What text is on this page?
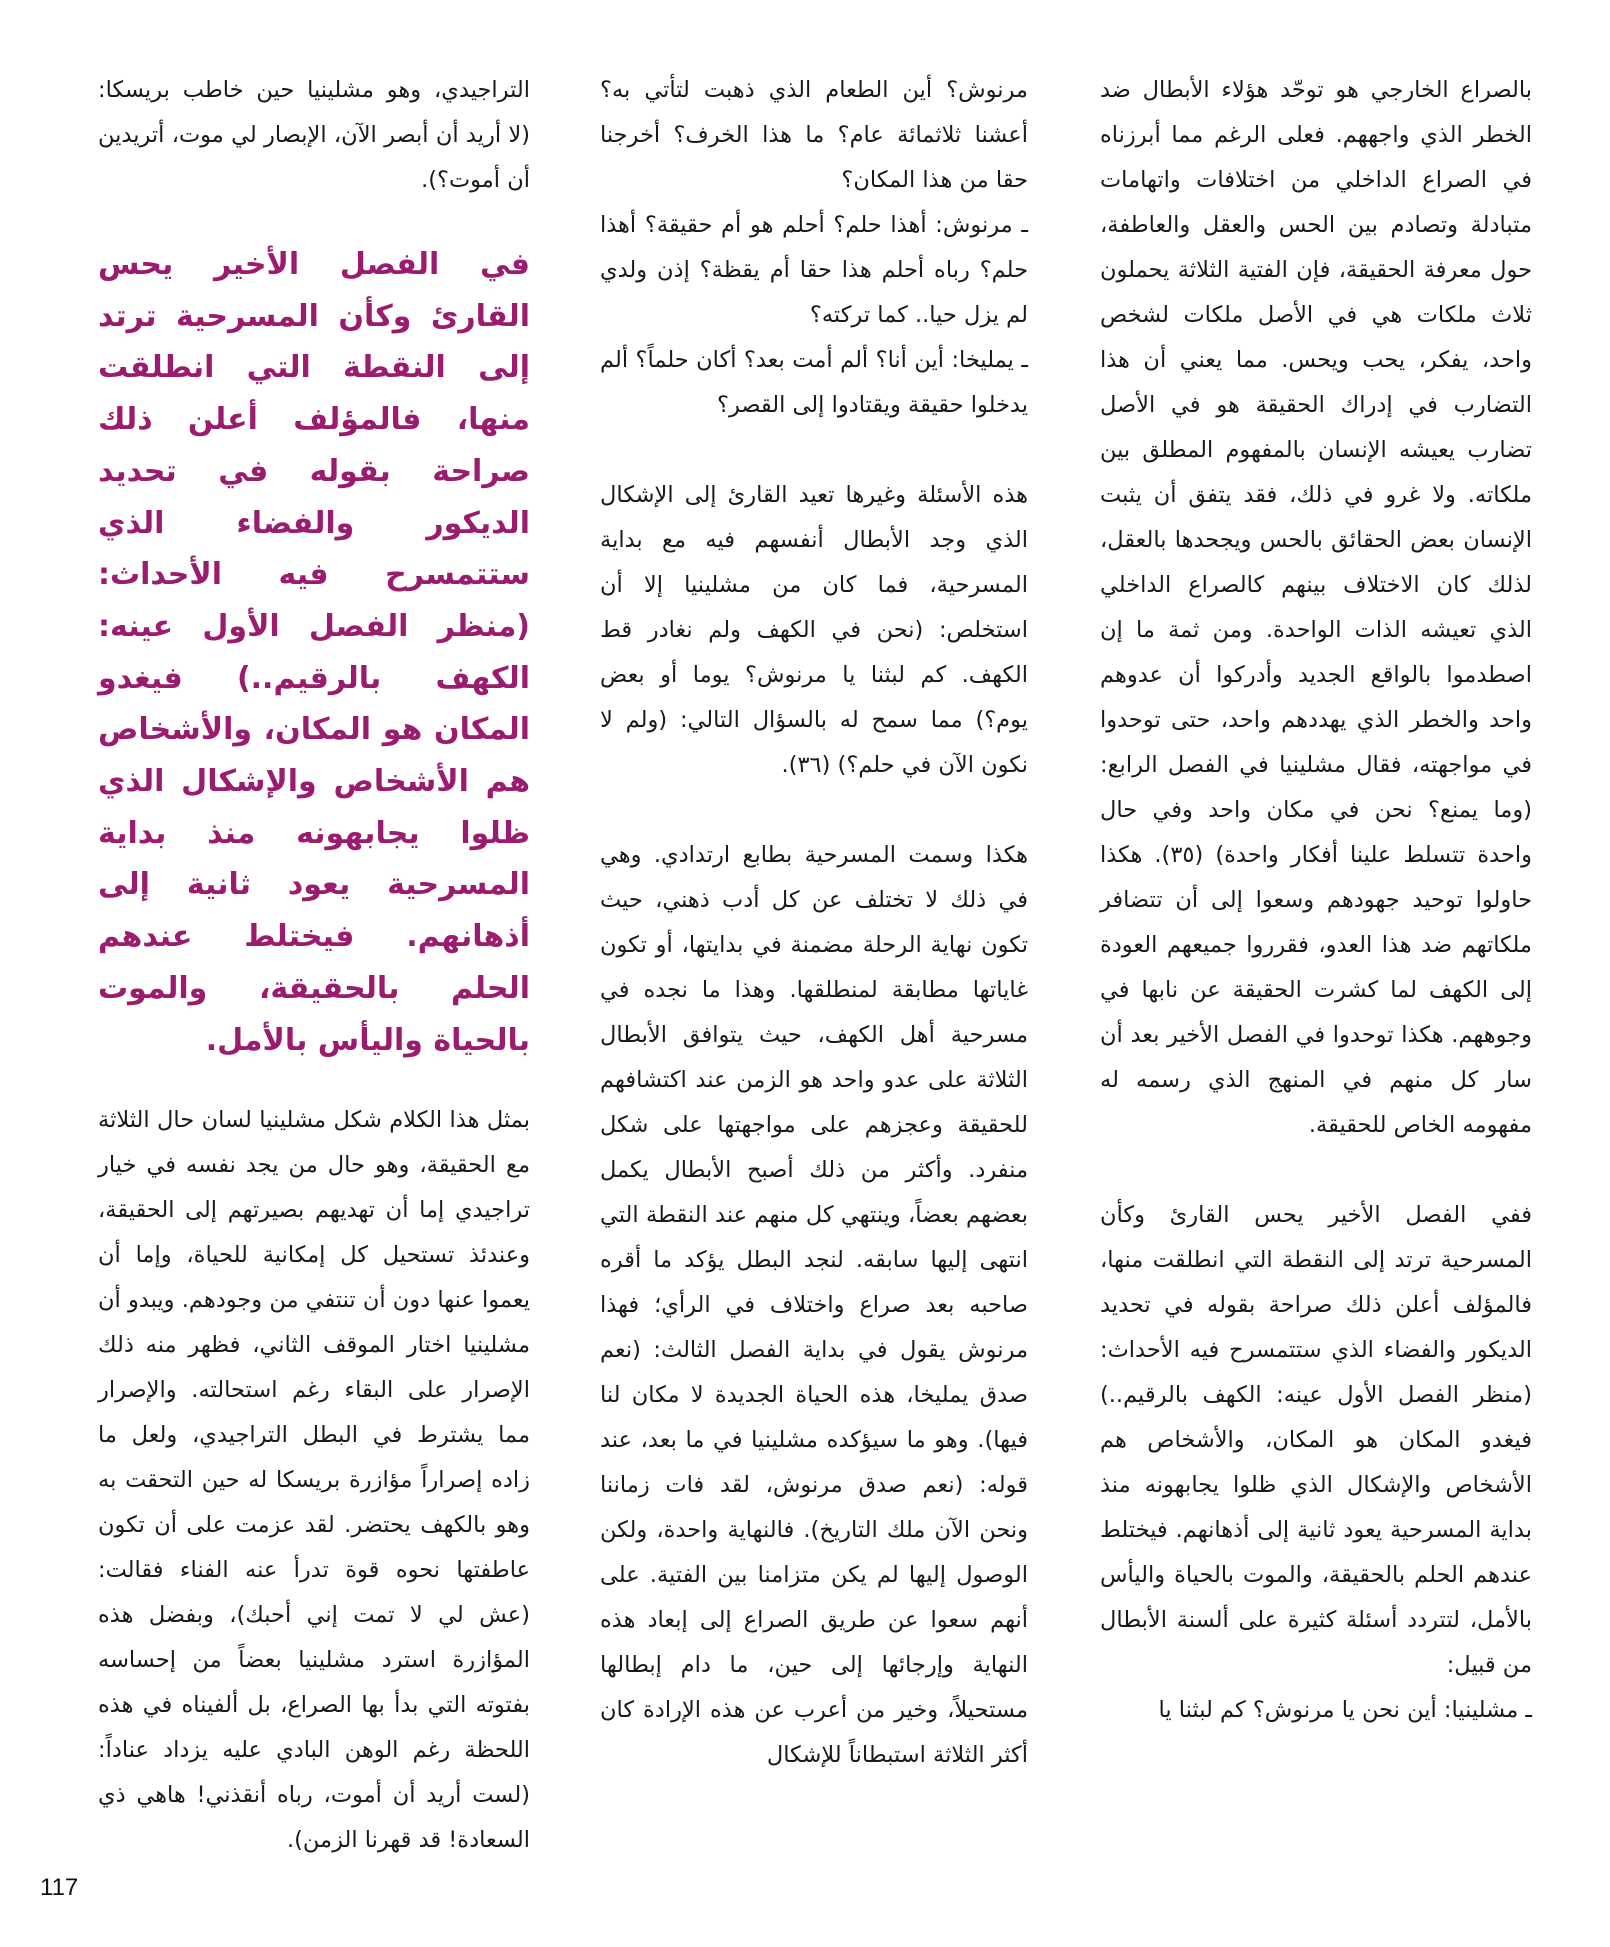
بالصراع الخارجي هو توحّد هؤلاء الأبطال ضد الخطر الذي واجههم. فعلى الرغم مما أبرزناه في الصراع الداخلي من اختلافات واتهامات متبادلة وتصادم بين الحس والعقل والعاطفة، حول معرفة الحقيقة، فإن الفتية الثلاثة يحملون ثلاث ملكات هي في الأصل ملكات لشخص واحد، يفكر، يحب ويحس. مما يعني أن هذا التضارب في إدراك الحقيقة هو في الأصل تضارب يعيشه الإنسان بالمفهوم المطلق بين ملكاته. ولا غرو في ذلك، فقد يتفق أن يثبت الإنسان بعض الحقائق بالحس ويجحدها بالعقل، لذلك كان الاختلاف بينهم كالصراع الداخلي الذي تعيشه الذات الواحدة. ومن ثمة ما إن اصطدموا بالواقع الجديد وأدركوا أن عدوهم واحد والخطر الذي يهددهم واحد، حتى توحدوا في مواجهته، فقال مشلينيا في الفصل الرابع: (وما يمنع؟ نحن في مكان واحد وفي حال واحدة تتسلط علينا أفكار واحدة) (٣٥). هكذا حاولوا توحيد جهودهم وسعوا إلى أن تتضافر ملكاتهم ضد هذا العدو، فقرروا جميعهم العودة إلى الكهف لما كشرت الحقيقة عن نابها في وجوههم. هكذا توحدوا في الفصل الأخير بعد أن سار كل منهم في المنهج الذي رسمه له مفهومه الخاص للحقيقة.

ففي الفصل الأخير يحس القارئ وكأن المسرحية ترتد إلى النقطة التي انطلقت منها، فالمؤلف أعلن ذلك صراحة بقوله في تحديد الديكور والفضاء الذي ستتمسرح فيه الأحداث: (منظر الفصل الأول عينه: الكهف بالرقيم..) فيغدو المكان هو المكان، والأشخاص هم الأشخاص والإشكال الذي ظلوا يجابهونه منذ بداية المسرحية يعود ثانية إلى أذهانهم. فيختلط عندهم الحلم بالحقيقة، والموت بالحياة واليأس بالأمل، لتتردد أسئلة كثيرة على ألسنة الأبطال من قبيل:

ـ مشلينيا: أين نحن يا مرنوش؟ كم لبثنا يا

مرنوش؟ أين الطعام الذي ذهبت لتأتي به؟ أعشنا ثلاثمائة عام؟ ما هذا الخرف؟ أخرجنا حقا من هذا المكان؟

ـ مرنوش: أهذا حلم؟ أحلم هو أم حقيقة؟ أهذا حلم؟ رباه أحلم هذا حقا أم يقظة؟ إذن ولدي لم يزل حيا.. كما تركته؟

ـ يمليخا: أين أنا؟ ألم أمت بعد؟ أكان حلماً؟ ألم يدخلوا حقيقة ويقتادوا إلى القصر؟

هذه الأسئلة وغيرها تعيد القارئ إلى الإشكال الذي وجد الأبطال أنفسهم فيه مع بداية المسرحية، فما كان من مشلينيا إلا أن استخلص: (نحن في الكهف ولم نغادر قط الكهف. كم لبثنا يا مرنوش؟ يوما أو بعض يوم؟) مما سمح له بالسؤال التالي: (ولم لا نكون الآن في حلم؟) (٣٦).

هكذا وسمت المسرحية بطابع ارتدادي. وهي في ذلك لا تختلف عن كل أدب ذهني، حيث تكون نهاية الرحلة مضمنة في بدايتها، أو تكون غاياتها مطابقة لمنطلقها. وهذا ما نجده في مسرحية أهل الكهف، حيث يتوافق الأبطال الثلاثة على عدو واحد هو الزمن عند اكتشافهم للحقيقة وعجزهم على مواجهتها على شكل منفرد. وأكثر من ذلك أصبح الأبطال يكمل بعضهم بعضاً، وينتهي كل منهم عند النقطة التي انتهى إليها سابقه. لنجد البطل يؤكد ما أقره صاحبه بعد صراع واختلاف في الرأي؛ فهذا مرنوش يقول في بداية الفصل الثالث: (نعم صدق يمليخا، هذه الحياة الجديدة لا مكان لنا فيها). وهو ما سيؤكده مشلينيا في ما بعد، عند قوله: (نعم صدق مرنوش، لقد فات زماننا ونحن الآن ملك التاريخ). فالنهاية واحدة، ولكن الوصول إليها لم يكن متزامنا بين الفتية. على أنهم سعوا عن طريق الصراع إلى إبعاد هذه النهاية وإرجائها إلى حين، ما دام إبطالها مستحيلاً، وخير من أعرب عن هذه الإرادة كان أكثر الثلاثة استبطاناً للإشكال

التراجيدي، وهو مشلينيا حين خاطب بريسكا: (لا أريد أن أبصر الآن، الإبصار لي موت، أتريدين أن أموت؟).

في الفصل الأخير يحس القارئ وكأن المسرحية ترتد إلى النقطة التي انطلقت منها، فالمؤلف أعلن ذلك صراحة بقوله في تحديد الديكور والفضاء الذي ستتمسرح فيه الأحداث: (منظر الفصل الأول عينه: الكهف بالرقيم..) فيغدو المكان هو المكان، والأشخاص هم الأشخاص والإشكال الذي ظلوا يجابهونه منذ بداية المسرحية يعود ثانية إلى أذهانهم. فيختلط عندهم الحلم بالحقيقة، والموت بالحياة واليأس بالأمل.

بمثل هذا الكلام شكل مشلينيا لسان حال الثلاثة مع الحقيقة، وهو حال من يجد نفسه في خيار تراجيدي إما أن تهديهم بصيرتهم إلى الحقيقة، وعندئذ تستحيل كل إمكانية للحياة، وإما أن يعموا عنها دون أن تنتفي من وجودهم. ويبدو أن مشلينيا اختار الموقف الثاني، فظهر منه ذلك الإصرار على البقاء رغم استحالته. والإصرار مما يشترط في البطل التراجيدي، ولعل ما زاده إصراراً مؤازرة بريسكا له حين التحقت به وهو بالكهف يحتضر. لقد عزمت على أن تكون عاطفتها نحوه قوة تدرأ عنه الفناء فقالت: (عش لي لا تمت إني أحبك)، وبفضل هذه المؤازرة استرد مشلينيا بعضاً من إحساسه بفتوته التي بدأ بها الصراع، بل ألفيناه في هذه اللحظة رغم الوهن البادي عليه يزداد عناداً: (لست أريد أن أموت، رباه أنقذني! هاهي ذي السعادة! قد قهرنا الزمن).

117
